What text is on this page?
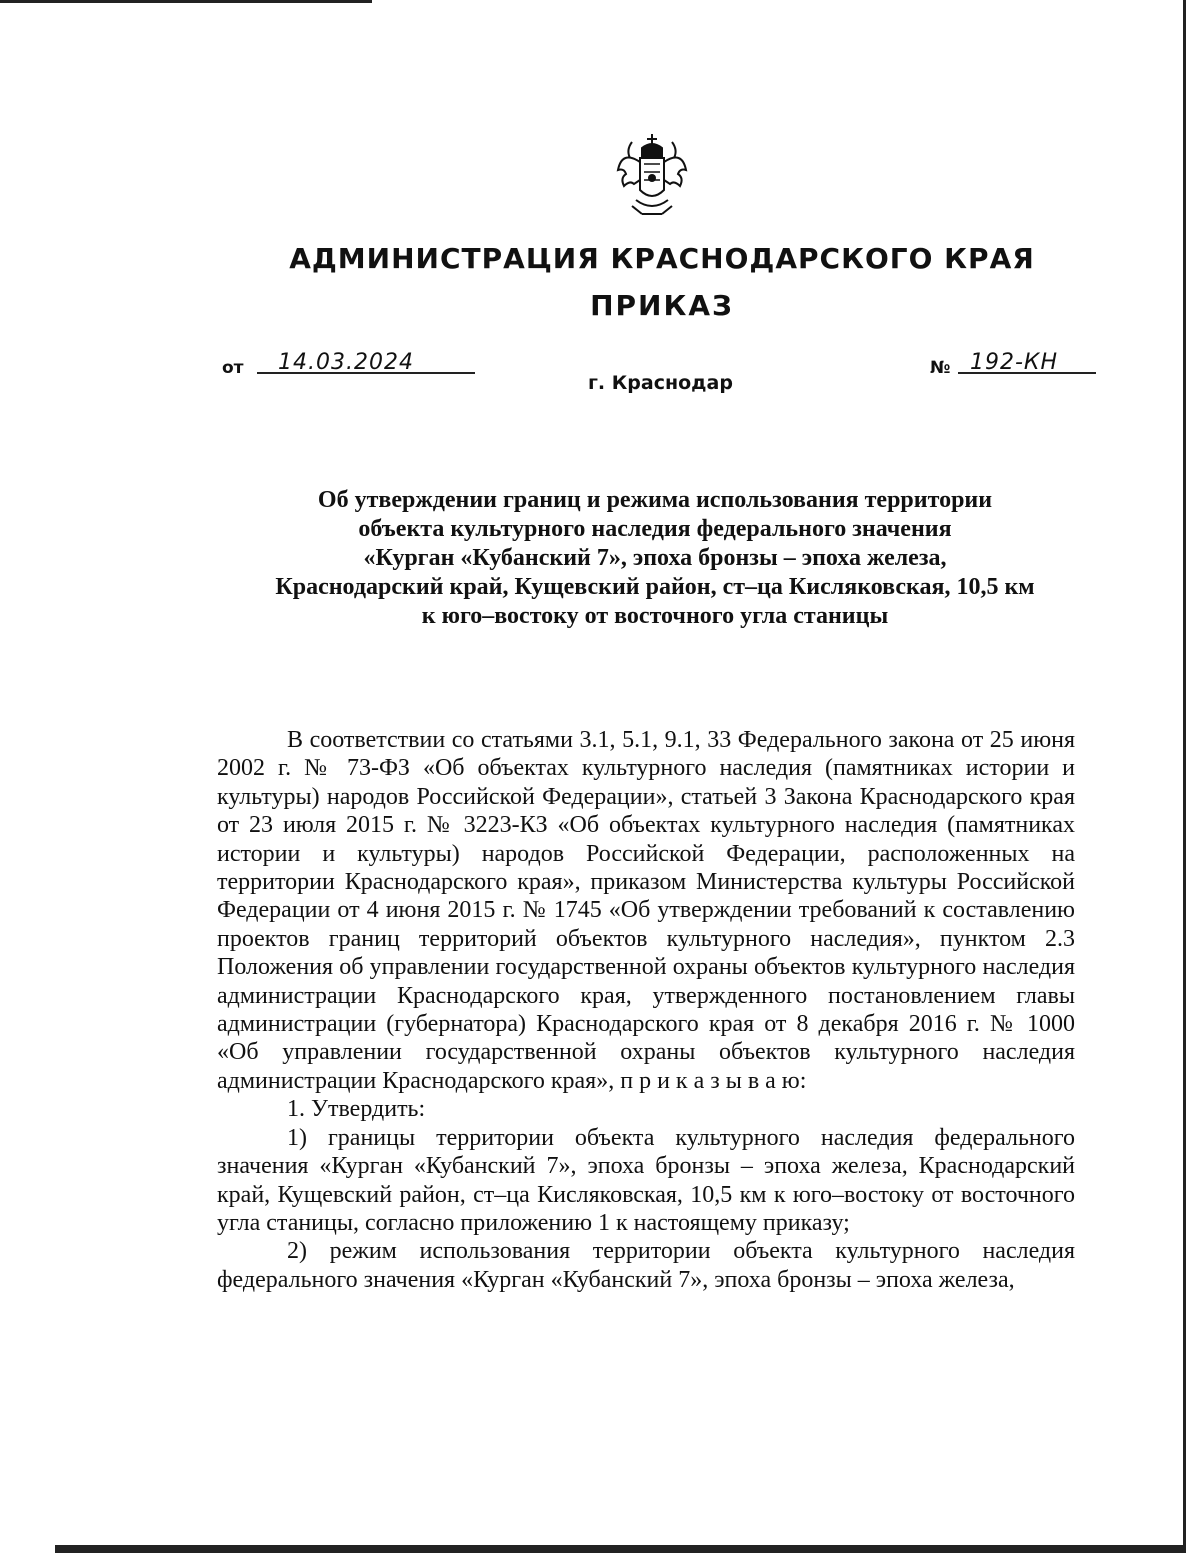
АДМИНИСТРАЦИЯ КРАСНОДАРСКОГО КРАЯ
ПРИКАЗ
от 14.03.2024	№ 192-КН
г. Краснодар
Об утверждении границ и режима использования территории
объекта культурного наследия федерального значения
«Курган «Кубанский 7», эпоха бронзы – эпоха железа,
Краснодарский край, Кущевский район, ст–ца Кисляковская, 10,5 км
к юго–востоку от восточного угла станицы

В соответствии со статьями 3.1, 5.1, 9.1, 33 Федерального закона от 25 июня 2002 г. № 73-ФЗ «Об объектах культурного наследия (памятниках истории и культуры) народов Российской Федерации», статьей 3 Закона Краснодарского края от 23 июля 2015 г. № 3223-КЗ «Об объектах культурного наследия (памятниках истории и культуры) народов Российской Федерации, расположенных на территории Краснодарского края», приказом Министерства культуры Российской Федерации от 4 июня 2015 г. № 1745 «Об утверждении требований к составлению проектов границ территорий объектов культурного наследия», пунктом 2.3 Положения об управлении государственной охраны объектов культурного наследия администрации Краснодарского края, утвержденного постановлением главы администрации (губернатора) Краснодарского края от 8 декабря 2016 г. № 1000 «Об управлении государственной охраны объектов культурного наследия администрации Краснодарского края», п р и к а з ы в а ю:

1. Утвердить:

1) границы территории объекта культурного наследия федерального значения «Курган «Кубанский 7», эпоха бронзы – эпоха железа, Краснодарский край, Кущевский район, ст–ца Кисляковская, 10,5 км к юго–востоку от восточного угла станицы, согласно приложению 1 к настоящему приказу;

2) режим использования территории объекта культурного наследия федерального значения «Курган «Кубанский 7», эпоха бронзы – эпоха железа,
